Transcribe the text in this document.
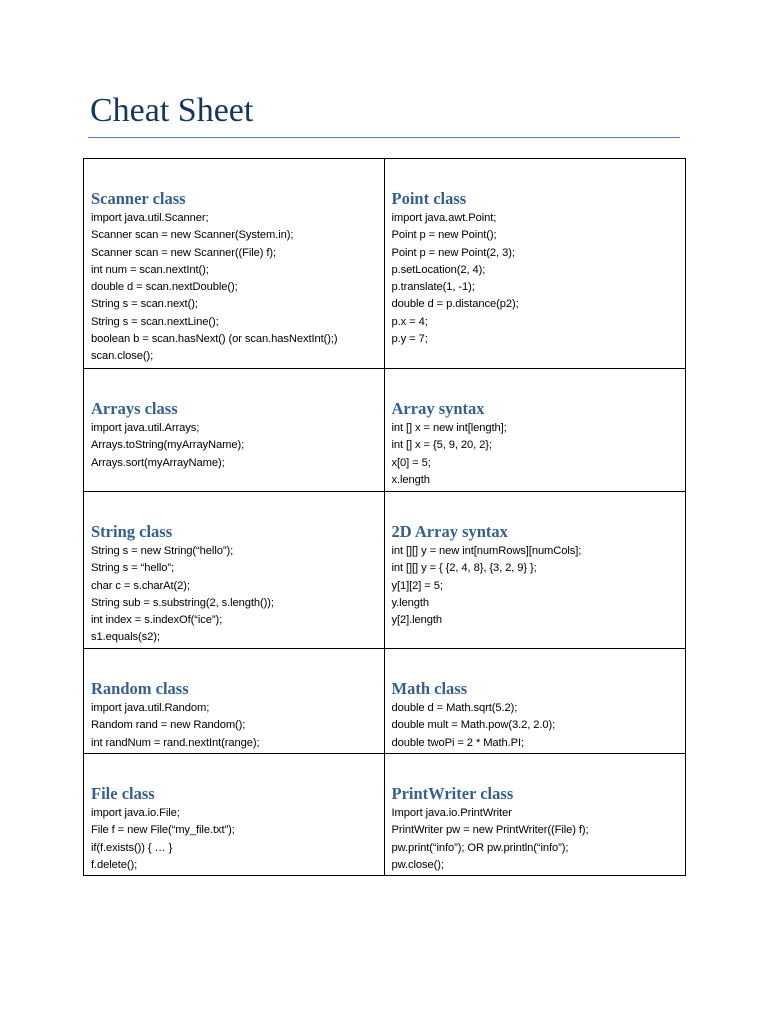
Cheat Sheet
Scanner class
import java.util.Scanner;
Scanner scan = new Scanner(System.in);
Scanner scan = new Scanner((File) f);
int num = scan.nextInt();
double d = scan.nextDouble();
String s = scan.next();
String s = scan.nextLine();
boolean b = scan.hasNext() (or scan.hasNextInt();)
scan.close();
Point class
import java.awt.Point;
Point p = new Point();
Point p = new Point(2, 3);
p.setLocation(2, 4);
p.translate(1, -1);
double d = p.distance(p2);
p.x = 4;
p.y = 7;
Arrays class
import java.util.Arrays;
Arrays.toString(myArrayName);
Arrays.sort(myArrayName);
Array syntax
int [] x = new int[length];
int [] x = {5, 9, 20, 2};
x[0] = 5;
x.length
String class
String s = new String(“hello”);
String s = “hello”;
char c = s.charAt(2);
String sub = s.substring(2, s.length());
int index = s.indexOf(“ice”);
s1.equals(s2);
2D Array syntax
int [][] y = new int[numRows][numCols];
int [][] y = { {2, 4, 8}, {3, 2, 9} };
y[1][2] = 5;
y.length
y[2].length
Random class
import java.util.Random;
Random rand = new Random();
int randNum = rand.nextInt(range);
Math class
double d = Math.sqrt(5.2);
double mult = Math.pow(3.2, 2.0);
double twoPi = 2 * Math.PI;
File class
import java.io.File;
File f = new File(“my_file.txt”);
if(f.exists()) { … }
f.delete();
PrintWriter class
Import java.io.PrintWriter
PrintWriter pw = new PrintWriter((File) f);
pw.print(“info”); OR pw.println(“info”);
pw.close();
